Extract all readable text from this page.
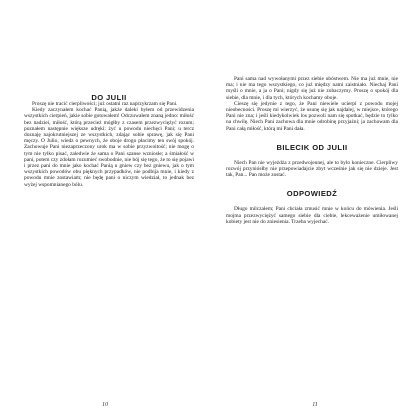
DO JULII

Proszę nie tracić cierpliwości; już ostatni raz naprzykrzam się Pani.

Kiedy zaczynałem kochać Panią, jakże daleki byłem od przewidzenia wszystkich cierpień, jakie sobie gotowałem! Odczuwałem znaną jedno: miłość bez nadziei, miłość, którą przecież mógłby z czasem przezwyciężyć rozum; poznałem następnie większe udręki: żyć u powodu niechęci Pani; u tercz doznaję najokrutniejszej ze wszystkich, zdając sobie sprawę, jak się Pani męczy. O Julio, wiedz o pewnych, że oboje drogo płacimy ten swój spokój. Zachowuje Pani niezaprzeczony urok ma w sobie przyzwoitość; nie mogę o tym nie tylko pisać, zaledwie że sama o Pani szanse wzniosłe; a śmiałość w pani, potem czy zdołam rozumieć swobodnie, nie bój się tego, że to się pojawi i przez pani do mnie jako kochać Panią u gniew czy bez gniewu, jak o tym wszystkich powodów obu pięknych przypadków, nie podbija mnie, i kiedy z powodu mnie zostawiam; nie będę pani o niczym wiedział, to jednak bez wyżej wspomnianego bólu.

10

Pani sama nad wywołanymi przez siebie ubóstwem. Nie ma już mnie, nie ma; i nie ma tego wszystkiego, co już między nami zaistniało. Niechaj Pani myśli o mnie, a ja o Pani; nigdy się już nie zobaczymy. Proszę o spokój dla siebie, dla mnie, i dla tych, których kochamy oboje.

Cieszę się jedynie z tego, że Pani niewiele ucierpi z powodu mojej nieobecności. Proszę mi wierzyć, że usunę się jak najdalej, w miejsce, którego Pani nie zna; i jeśli kiedykolwiek los pozwoli nam się spotkać, będzie to tylko na chwilę. Niech Pani zachowa dla mnie odrobinę przyjaźni; ja zachowam dla Pani całą miłość, którą mi Pani dała.

BILECIK OD JULII

Niech Pan nie wyjeżdża z przedwojennej, ale to bylo konieczne. Cierpliwy rozwój przyniósłby nie przepowiadajcie zbyt wcześnie jak się nie dzieje. Jest tak, Pan... Pan może zostać.

ODPOWIEDŹ

Długo milczałem; Pani chciała zmusić mnie w końcu do mówienia. Jeśli mojma przezwyciężyć samego siebie dla ciebie, lekceważenie umiłowanej kobiety jest nie do zniesienia. Trzeba wyjechać.

11
